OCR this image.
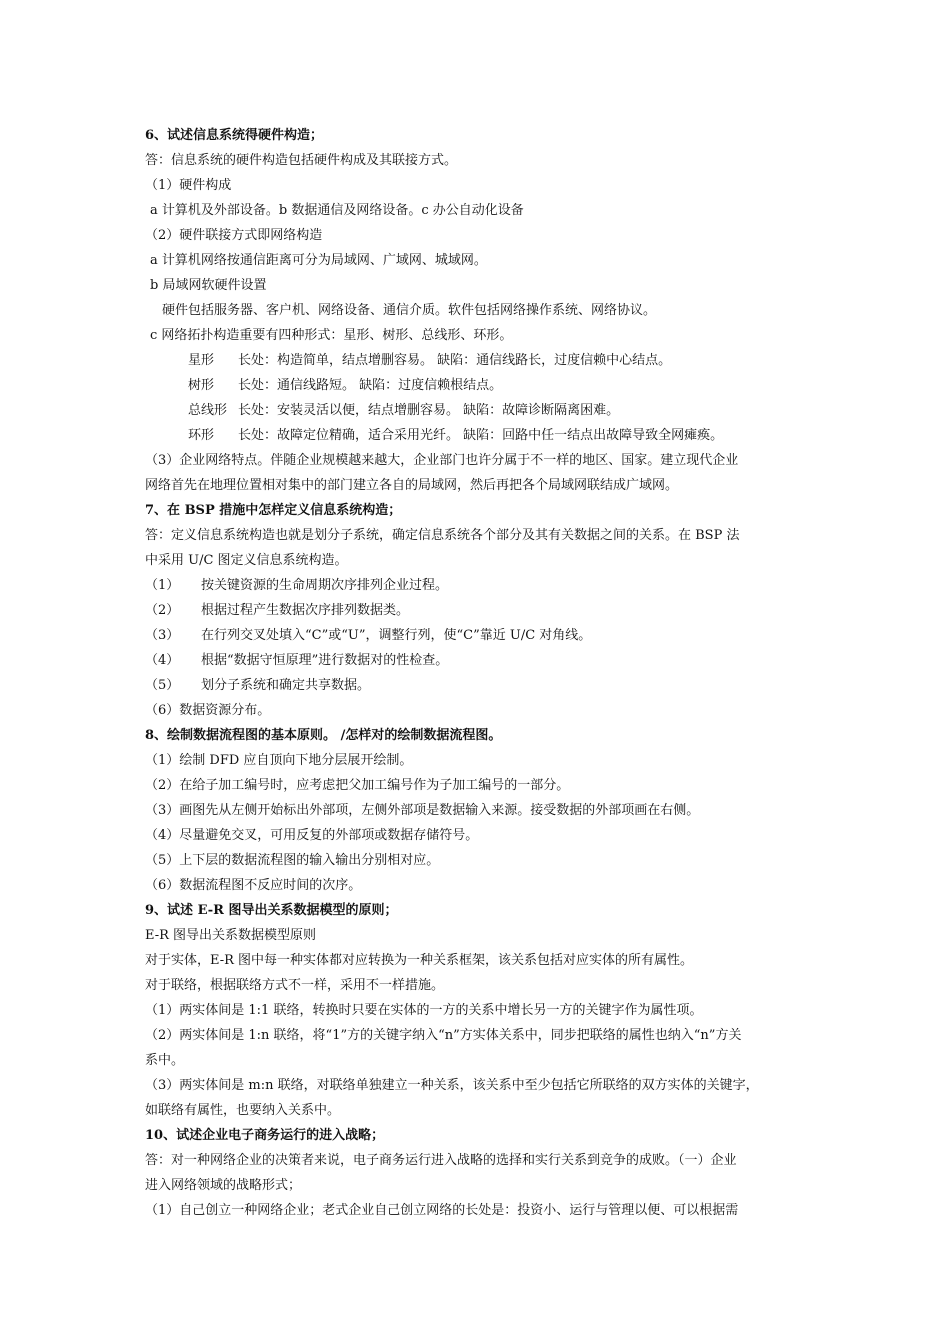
6、试述信息系统得硬件构造；
答：信息系统的硬件构造包括硬件构成及其联接方式。
（1）硬件构成
a 计算机及外部设备。b 数据通信及网络设备。c 办公自动化设备
（2）硬件联接方式即网络构造
a 计算机网络按通信距离可分为局域网、广域网、城域网。
b 局域网软硬件设置
硬件包括服务器、客户机、网络设备、通信介质。软件包括网络操作系统、网络协议。
c 网络拓扑构造重要有四种形式：星形、树形、总线形、环形。
星形 长处：构造简单，结点增删容易。 缺陷：通信线路长，过度信赖中心结点。
树形 长处：通信线路短。 缺陷：过度信赖根结点。
总线形 长处：安装灵活以便，结点增删容易。 缺陷：故障诊断隔离困难。
环形 长处：故障定位精确，适合采用光纤。 缺陷：回路中任一结点出故障导致全网瘫痪。
（3）企业网络特点。伴随企业规模越来越大，企业部门也许分属于不一样的地区、国家。建立现代企业
网络首先在地理位置相对集中的部门建立各自的局域网，然后再把各个局域网联结成广域网。
7、在 BSP 措施中怎样定义信息系统构造；
答：定义信息系统构造也就是划分子系统，确定信息系统各个部分及其有关数据之间的关系。在 BSP 法
中采用 U/C 图定义信息系统构造。
（1） 按关键资源的生命周期次序排列企业过程。
（2） 根据过程产生数据次序排列数据类。
（3） 在行列交叉处填入“C”或“U”，调整行列，使“C”靠近 U/C 对角线。
（4） 根据“数据守恒原理”进行数据对的性检查。
（5） 划分子系统和确定共享数据。
（6）数据资源分布。
8、绘制数据流程图的基本原则。 /怎样对的绘制数据流程图。
（1）绘制 DFD 应自顶向下地分层展开绘制。
（2）在给子加工编号时，应考虑把父加工编号作为子加工编号的一部分。
（3）画图先从左侧开始标出外部项，左侧外部项是数据输入来源。接受数据的外部项画在右侧。
（4）尽量避免交叉，可用反复的外部项或数据存储符号。
（5）上下层的数据流程图的输入输出分别相对应。
（6）数据流程图不反应时间的次序。
9、试述 E-R 图导出关系数据模型的原则；
E-R 图导出关系数据模型原则
对于实体，E-R 图中每一种实体都对应转换为一种关系框架，该关系包括对应实体的所有属性。
对于联络，根据联络方式不一样，采用不一样措施。
（1）两实体间是 1:1 联络，转换时只要在实体的一方的关系中增长另一方的关键字作为属性项。
（2）两实体间是 1:n 联络，将“1”方的关键字纳入“n”方实体关系中，同步把联络的属性也纳入“n”方关
系中。
（3）两实体间是 m:n 联络，对联络单独建立一种关系，该关系中至少包括它所联络的双方实体的关键字，
如联络有属性，也要纳入关系中。
10、试述企业电子商务运行的进入战略；
答：对一种网络企业的决策者来说，电子商务运行进入战略的选择和实行关系到竞争的成败。（一）企业
进入网络领域的战略形式；
（1）自己创立一种网络企业；老式企业自己创立网络的长处是：投资小、运行与管理以便、可以根据需
